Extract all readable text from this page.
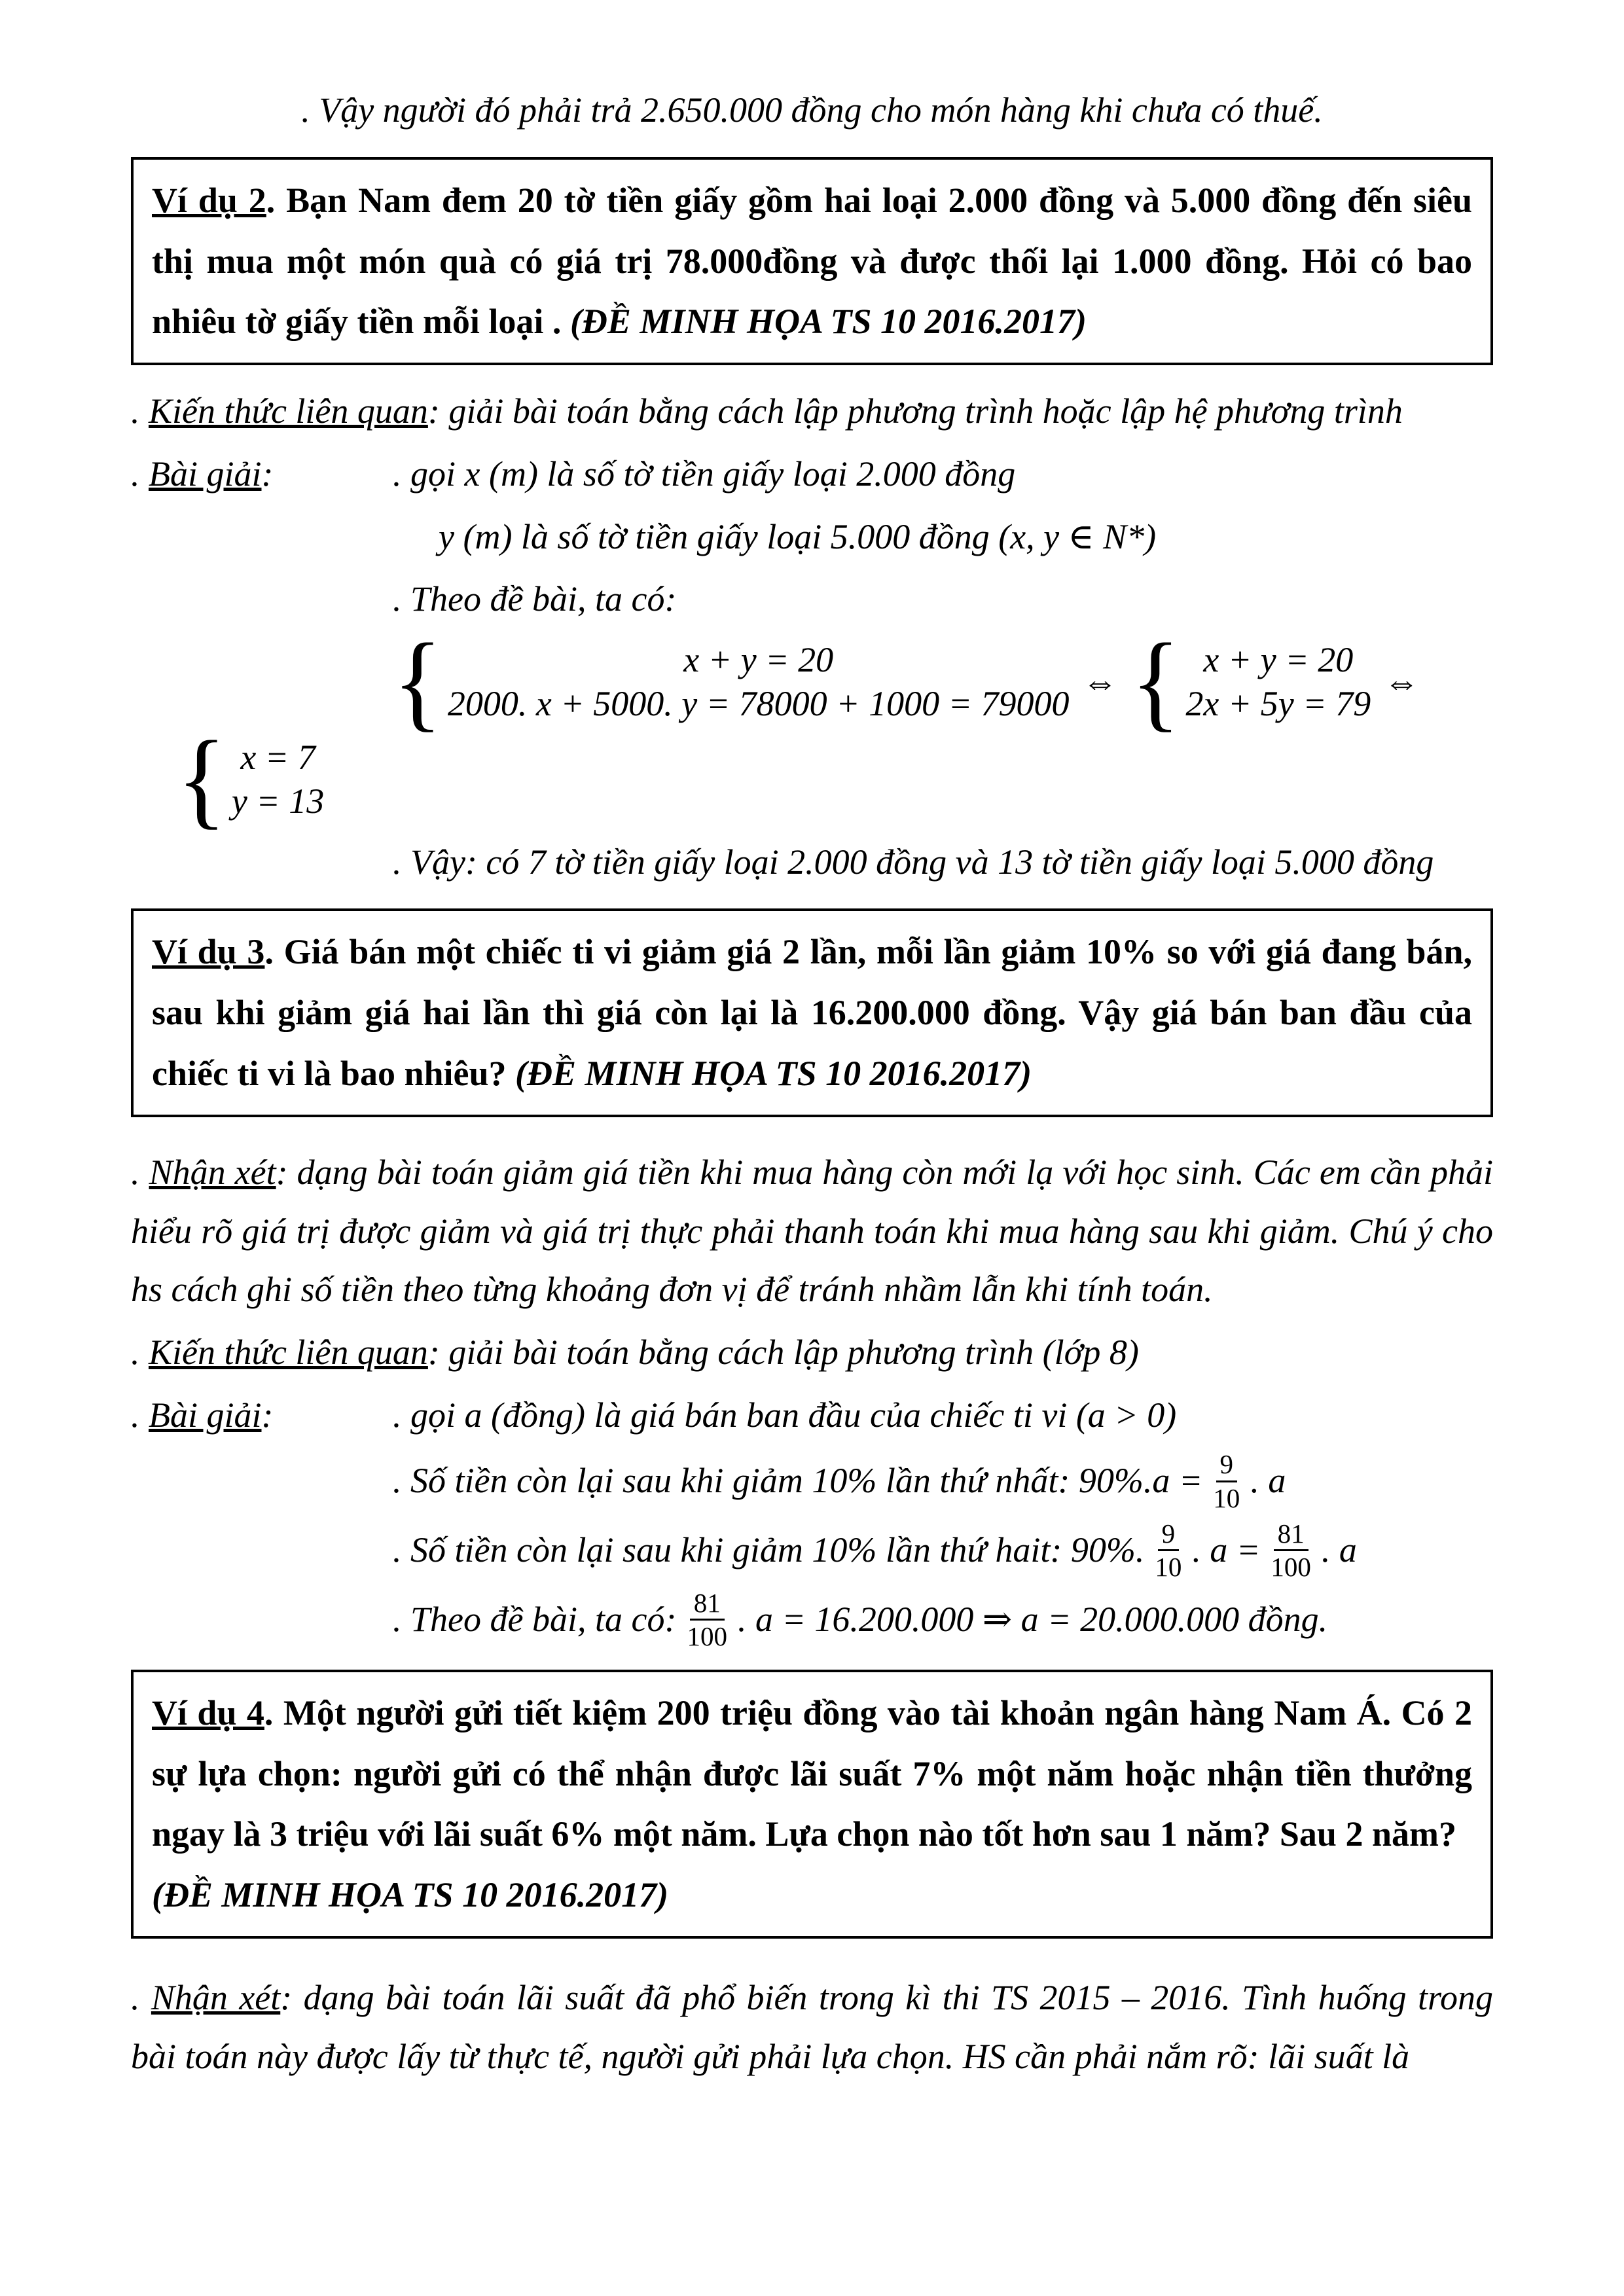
. Vậy người đó phải trả 2.650.000 đồng cho món hàng khi chưa có thuế.

Ví dụ 2. Bạn Nam đem 20 tờ tiền giấy gồm hai loại 2.000 đồng và 5.000 đồng đến siêu thị mua một món quà có giá trị 78.000đồng và được thối lại 1.000 đồng. Hỏi có bao nhiêu tờ giấy tiền mỗi loại . (ĐỀ MINH HỌA TS 10 2016.2017)

. Kiến thức liên quan: giải bài toán bằng cách lập phương trình hoặc lập hệ phương trình

. Bài giải:	. gọi x (m) là số tờ tiền giấy loại 2.000 đồng

y (m) là số tờ tiền giấy loại 5.000 đồng (x, y ∈ N*)

. Theo đề bài, ta có:

{	x + y = 20
2000. x + 5000. y = 78000 + 1000 = 79000
⇔ { x + y = 20
2x + 5y = 79
⇔
{ x = 7
y = 13

. Vậy: có 7 tờ tiền giấy loại 2.000 đồng và 13 tờ tiền giấy loại 5.000 đồng

Ví dụ 3. Giá bán một chiếc ti vi giảm giá 2 lần, mỗi lần giảm 10% so với giá đang bán, sau khi giảm giá hai lần thì giá còn lại là 16.200.000 đồng. Vậy giá bán ban đầu của chiếc ti vi là bao nhiêu? (ĐỀ MINH HỌA TS 10 2016.2017)

. Nhận xét: dạng bài toán giảm giá tiền khi mua hàng còn mới lạ với học sinh. Các em cần phải hiểu rõ giá trị được giảm và giá trị thực phải thanh toán khi mua hàng sau khi giảm. Chú ý cho hs cách ghi số tiền theo từng khoảng đơn vị để tránh nhầm lẫn khi tính toán.

. Kiến thức liên quan: giải bài toán bằng cách lập phương trình (lớp 8)

. Bài giải:	. gọi a (đồng) là giá bán ban đầu của chiếc ti vi (a > 0)

. Số tiền còn lại sau khi giảm 10% lần thứ nhất: $90\%.a = \frac{9}{10}$ . a
. Số tiền còn lại sau khi giảm 10% lần thứ hait: 90%. $\frac{9}{10}$ . $a = \frac{81}{100}$ . a
. Theo đề bài, ta có: $\frac{81}{100}$ . a = 16.200.000 ⇒ a = 20.000.000 đồng.
Ví dụ 4. Một người gửi tiết kiệm 200 triệu đồng vào tài khoản ngân hàng Nam Á. Có 2 sự lựa chọn: người gửi có thể nhận được lãi suất 7% một năm hoặc nhận tiền thưởng ngay là 3 triệu với lãi suất 6% một năm. Lựa chọn nào tốt hơn sau 1 năm? Sau 2 năm?
(ĐỀ MINH HỌA TS 10 2016.2017)

. Nhận xét: dạng bài toán lãi suất đã phổ biến trong kì thi TS 2015 – 2016. Tình huống trong bài toán này được lấy từ thực tế, người gửi phải lựa chọn. HS cần phải nắm rõ: lãi suất là
